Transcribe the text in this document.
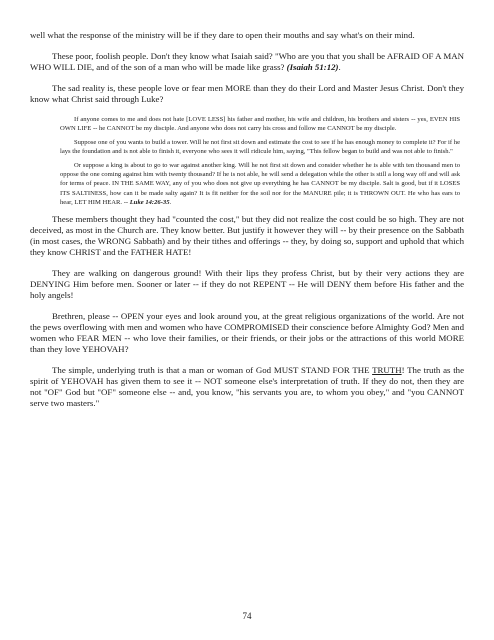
well what the response of the ministry will be if they dare to open their mouths and say what's on their mind.

These poor, foolish people. Don't they know what Isaiah said? "Who are you that you shall be AFRAID OF A MAN WHO WILL DIE, and of the son of a man who will be made like grass? (Isaiah 51:12).

The sad reality is, these people love or fear men MORE than they do their Lord and Master Jesus Christ. Don't they know what Christ said through Luke?

If anyone comes to me and does not hate [LOVE LESS] his father and mother, his wife and children, his brothers and sisters -- yes, EVEN HIS OWN LIFE -- he CANNOT be my disciple. And anyone who does not carry his cross and follow me CANNOT be my disciple.

Suppose one of you wants to build a tower. Will he not first sit down and estimate the cost to see if he has enough money to complete it? For if he lays the foundation and is not able to finish it, everyone who sees it will ridicule him, saying, "This fellow began to build and was not able to finish."

Or suppose a king is about to go to war against another king. Will he not first sit down and consider whether he is able with ten thousand men to oppose the one coming against him with twenty thousand? If he is not able, he will send a delegation while the other is still a long way off and will ask for terms of peace. IN THE SAME WAY, any of you who does not give up everything he has CANNOT be my disciple. Salt is good, but if it LOSES ITS SALTINESS, how can it be made salty again? It is fit neither for the soil nor for the MANURE pile; it is THROWN OUT. He who has ears to hear, LET HIM HEAR. -- Luke 14:26-35.

These members thought they had "counted the cost," but they did not realize the cost could be so high. They are not deceived, as most in the Church are. They know better. But justify it however they will -- by their presence on the Sabbath (in most cases, the WRONG Sabbath) and by their tithes and offerings -- they, by doing so, support and uphold that which they know CHRIST and the FATHER HATE!

They are walking on dangerous ground! With their lips they profess Christ, but by their very actions they are DENYING Him before men. Sooner or later -- if they do not REPENT -- He will DENY them before His father and the holy angels!

Brethren, please -- OPEN your eyes and look around you, at the great religious organizations of the world. Are not the pews overflowing with men and women who have COMPROMISED their conscience before Almighty God? Men and women who FEAR MEN -- who love their families, or their friends, or their jobs or the attractions of this world MORE than they love YEHOVAH?

The simple, underlying truth is that a man or woman of God MUST STAND FOR THE TRUTH! The truth as the spirit of YEHOVAH has given them to see it -- NOT someone else's interpretation of truth. If they do not, then they are not "OF" God but "OF" someone else -- and, you know, "his servants you are, to whom you obey," and "you CANNOT serve two masters."

74
